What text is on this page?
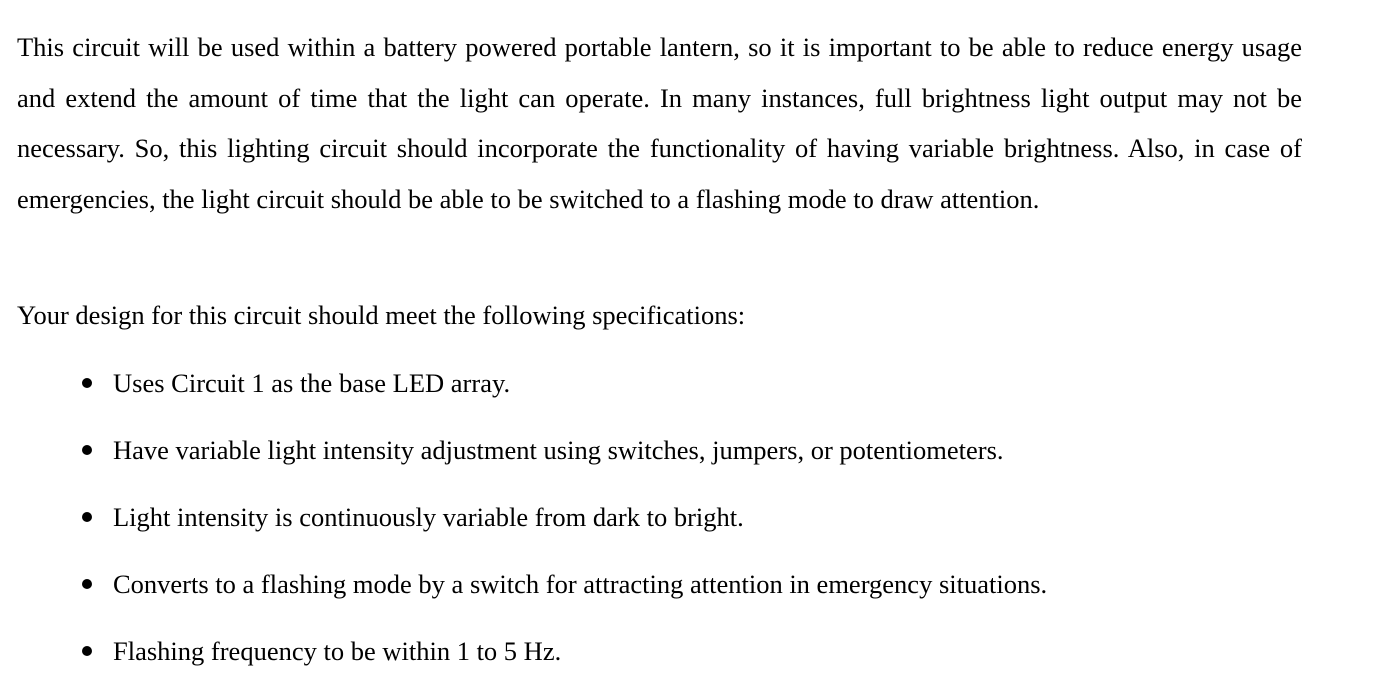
This circuit will be used within a battery powered portable lantern, so it is important to be able to reduce energy usage and extend the amount of time that the light can operate. In many instances, full brightness light output may not be necessary. So, this lighting circuit should incorporate the functionality of having variable brightness. Also, in case of emergencies, the light circuit should be able to be switched to a flashing mode to draw attention.

Your design for this circuit should meet the following specifications:

Uses Circuit 1 as the base LED array.
Have variable light intensity adjustment using switches, jumpers, or potentiometers.
Light intensity is continuously variable from dark to bright.
Converts to a flashing mode by a switch for attracting attention in emergency situations.
Flashing frequency to be within 1 to 5 Hz.
